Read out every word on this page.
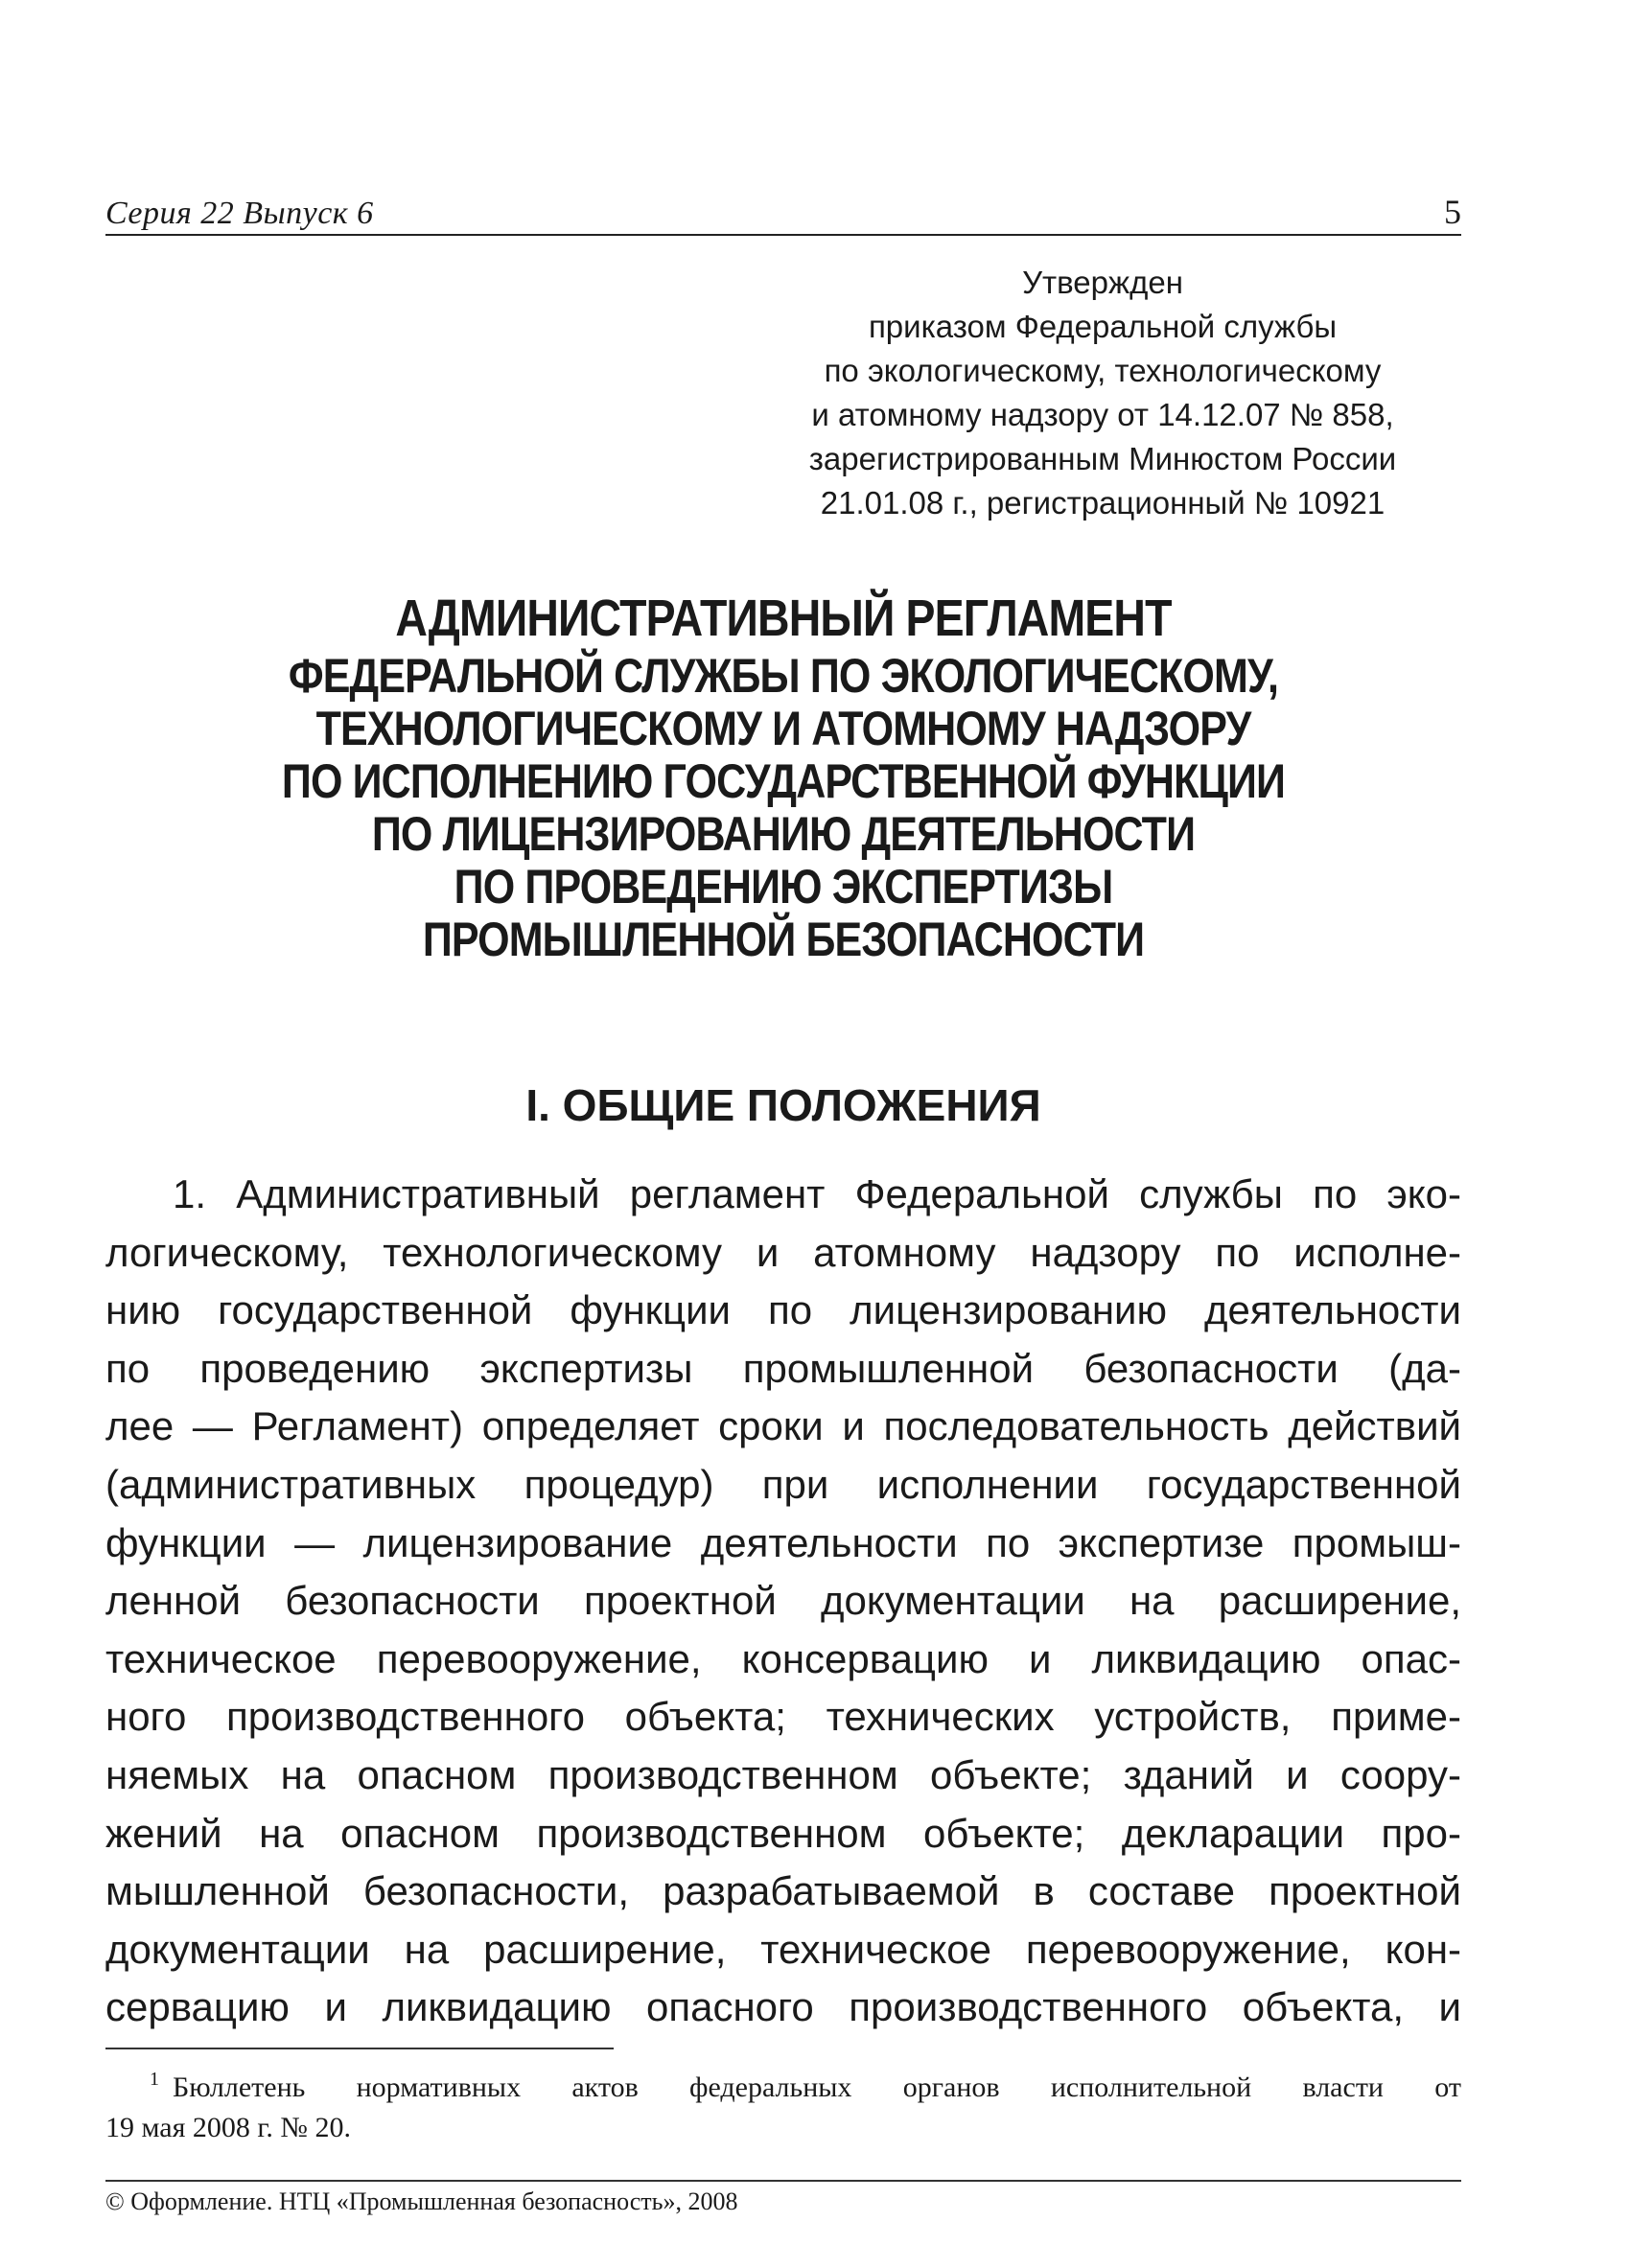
Серия 22 Выпуск 6	5
Утвержден
приказом Федеральной службы
по экологическому, технологическому
и атомному надзору от 14.12.07 № 858,
зарегистрированным Минюстом России
21.01.08 г., регистрационный № 10921
АДМИНИСТРАТИВНЫЙ РЕГЛАМЕНТ
ФЕДЕРАЛЬНОЙ СЛУЖБЫ ПО ЭКОЛОГИЧЕСКОМУ,
ТЕХНОЛОГИЧЕСКОМУ И АТОМНОМУ НАДЗОРУ
ПО ИСПОЛНЕНИЮ ГОСУДАРСТВЕННОЙ ФУНКЦИИ
ПО ЛИЦЕНЗИРОВАНИЮ ДЕЯТЕЛЬНОСТИ
ПО ПРОВЕДЕНИЮ ЭКСПЕРТИЗЫ
ПРОМЫШЛЕННОЙ БЕЗОПАСНОСТИ
I. ОБЩИЕ ПОЛОЖЕНИЯ
1. Административный регламент Федеральной службы по эко-
логическому, технологическому и атомному надзору по исполне-
нию государственной функции по лицензированию деятельности
по проведению экспертизы промышленной безопасности (да-
лее — Регламент) определяет сроки и последовательность действий
(административных процедур) при исполнении государственной
функции — лицензирование деятельности по экспертизе промыш-
ленной безопасности проектной документации на расширение,
техническое перевооружение, консервацию и ликвидацию опас-
ного производственного объекта; технических устройств, приме-
няемых на опасном производственном объекте; зданий и соору-
жений на опасном производственном объекте; декларации про-
мышленной безопасности, разрабатываемой в составе проектной
документации на расширение, техническое перевооружение, кон-
сервацию и ликвидацию опасного производственного объекта, и
$^1$ Бюллетень нормативных актов федеральных органов исполнительной власти от
19 мая 2008 г. № 20.
© Оформление. НТЦ «Промышленная безопасность», 2008
